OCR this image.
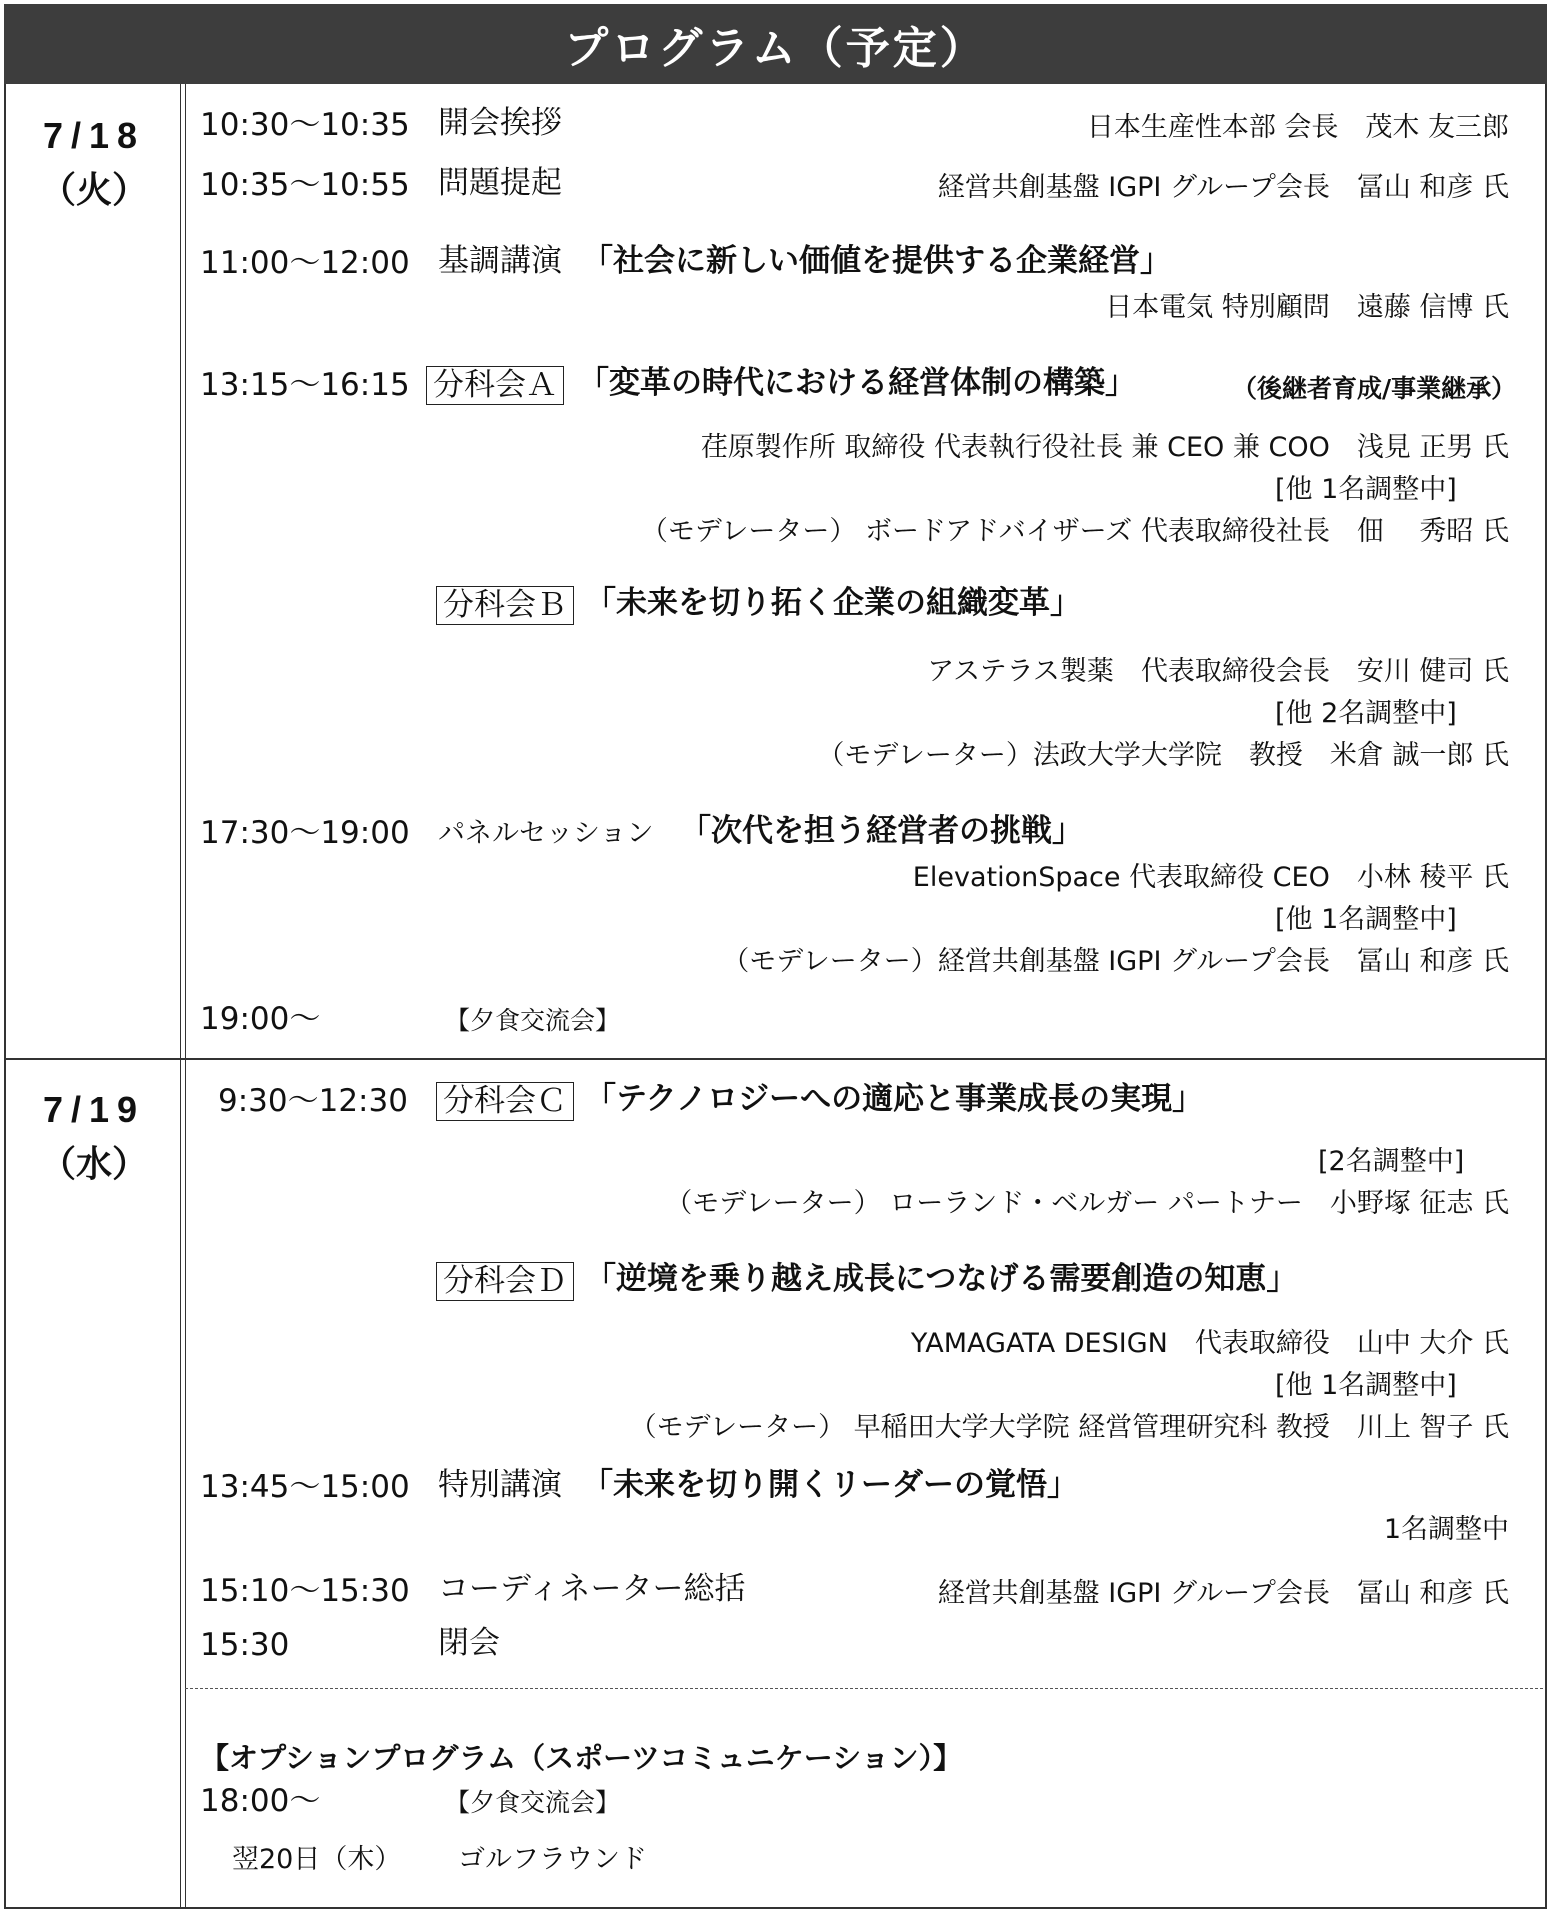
プログラム（予定）
7/18
（火）
10:30〜10:35 開会挨拶	日本生産性本部 会長　茂木 友三郎
10:35〜10:55 問題提起	経営共創基盤 IGPI グループ会長　冨山 和彦 氏
11:00〜12:00 基調講演 「社会に新しい価値を提供する企業経営」
日本電気 特別顧問　遠藤 信博 氏
13:15〜16:15 分科会Ａ 「変革の時代における経営体制の構築」	（後継者育成/事業継承）
荏原製作所 取締役 代表執行役社長 兼 CEO 兼 COO　浅見 正男 氏
[他 1名調整中]
（モデレーター） ボードアドバイザーズ 代表取締役社長　佃　 秀昭 氏
分科会Ｂ 「未来を切り拓く企業の組織変革」
アステラス製薬　代表取締役会長　安川 健司 氏
[他 2名調整中]
（モデレーター）法政大学大学院　教授　米倉 誠一郎 氏
17:30〜19:00 パネルセッション 「次代を担う経営者の挑戦」
ElevationSpace 代表取締役 CEO　小林 稜平 氏
[他 1名調整中]
（モデレーター）経営共創基盤 IGPI グループ会長　冨山 和彦 氏
19:00〜	【夕食交流会】
7/19
（水）
9:30〜12:30 分科会Ｃ 「テクノロジーへの適応と事業成長の実現」
[2名調整中]
（モデレーター） ローランド・ベルガー パートナー　小野塚 征志 氏
分科会Ｄ 「逆境を乗り越え成長につなげる需要創造の知恵」
YAMAGATA DESIGN　代表取締役　山中 大介 氏
[他 1名調整中]
（モデレーター） 早稲田大学大学院 経営管理研究科 教授　川上 智子 氏
13:45〜15:00 特別講演 「未来を切り開くリーダーの覚悟」
1名調整中
15:10〜15:30 コーディネーター総括	経営共創基盤 IGPI グループ会長　冨山 和彦 氏
15:30	閉会
【オプションプログラム（スポーツコミュニケーション）】
18:00〜	【夕食交流会】
翌20日（木） ゴルフラウンド
